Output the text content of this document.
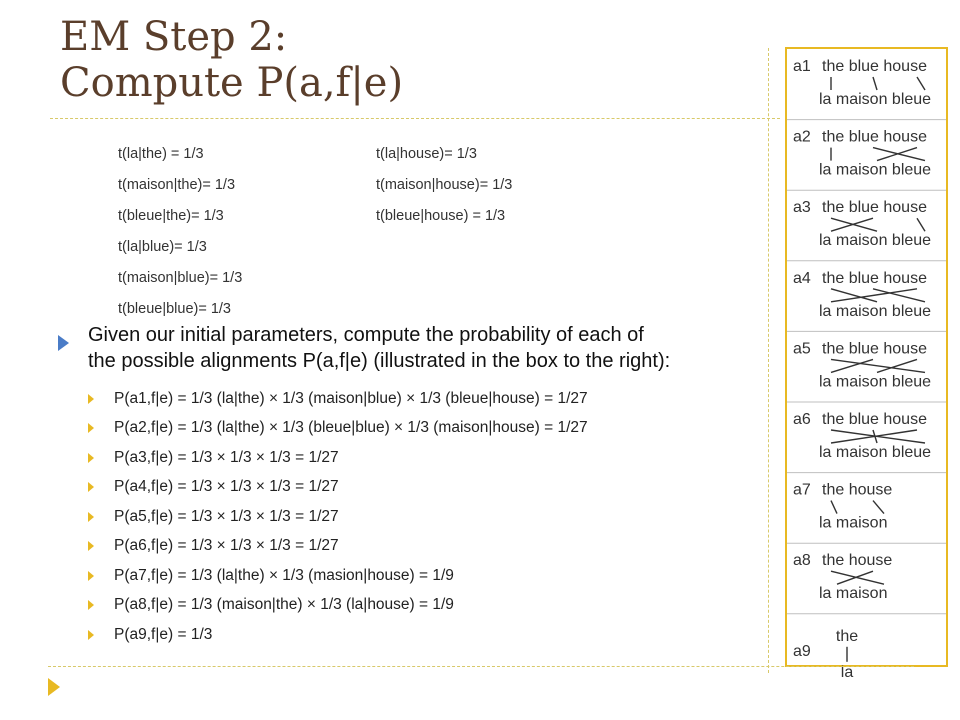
EM Step 2:
Compute P(a,f|e)
t(la|the) = 1/3	t(la|house)= 1/3
t(maison|the)= 1/3	t(maison|house)= 1/3
t(bleue|the)= 1/3	t(bleue|house) = 1/3
t(la|blue)= 1/3
t(maison|blue)= 1/3
t(bleue|blue)= 1/3
Given our initial parameters, compute the probability of each of
the possible alignments P(a,f|e) (illustrated in the box to the right):
P(a1,f|e) = 1/3 (la|the) × 1/3 (maison|blue) × 1/3 (bleue|house) = 1/27
P(a2,f|e) = 1/3 (la|the) × 1/3 (bleue|blue) × 1/3 (maison|house) = 1/27
P(a3,f|e) = 1/3 × 1/3 × 1/3 = 1/27
P(a4,f|e) = 1/3 × 1/3 × 1/3 = 1/27
P(a5,f|e) = 1/3 × 1/3 × 1/3 = 1/27
P(a6,f|e) = 1/3 × 1/3 × 1/3 = 1/27
P(a7,f|e) = 1/3 (la|the) × 1/3 (masion|house) = 1/9
P(a8,f|e) = 1/3 (maison|the) × 1/3 (la|house) = 1/9
P(a9,f|e) = 1/3
a1 the blue house
la maison bleue
a2 the blue house
la maison bleue
a3 the blue house
la maison bleue
a4 the blue house
la maison bleue
a5 the blue house
la maison bleue
a6 the blue house
la maison bleue
a7 the house
la maison
a8 the house
la maison
a9
the
la
